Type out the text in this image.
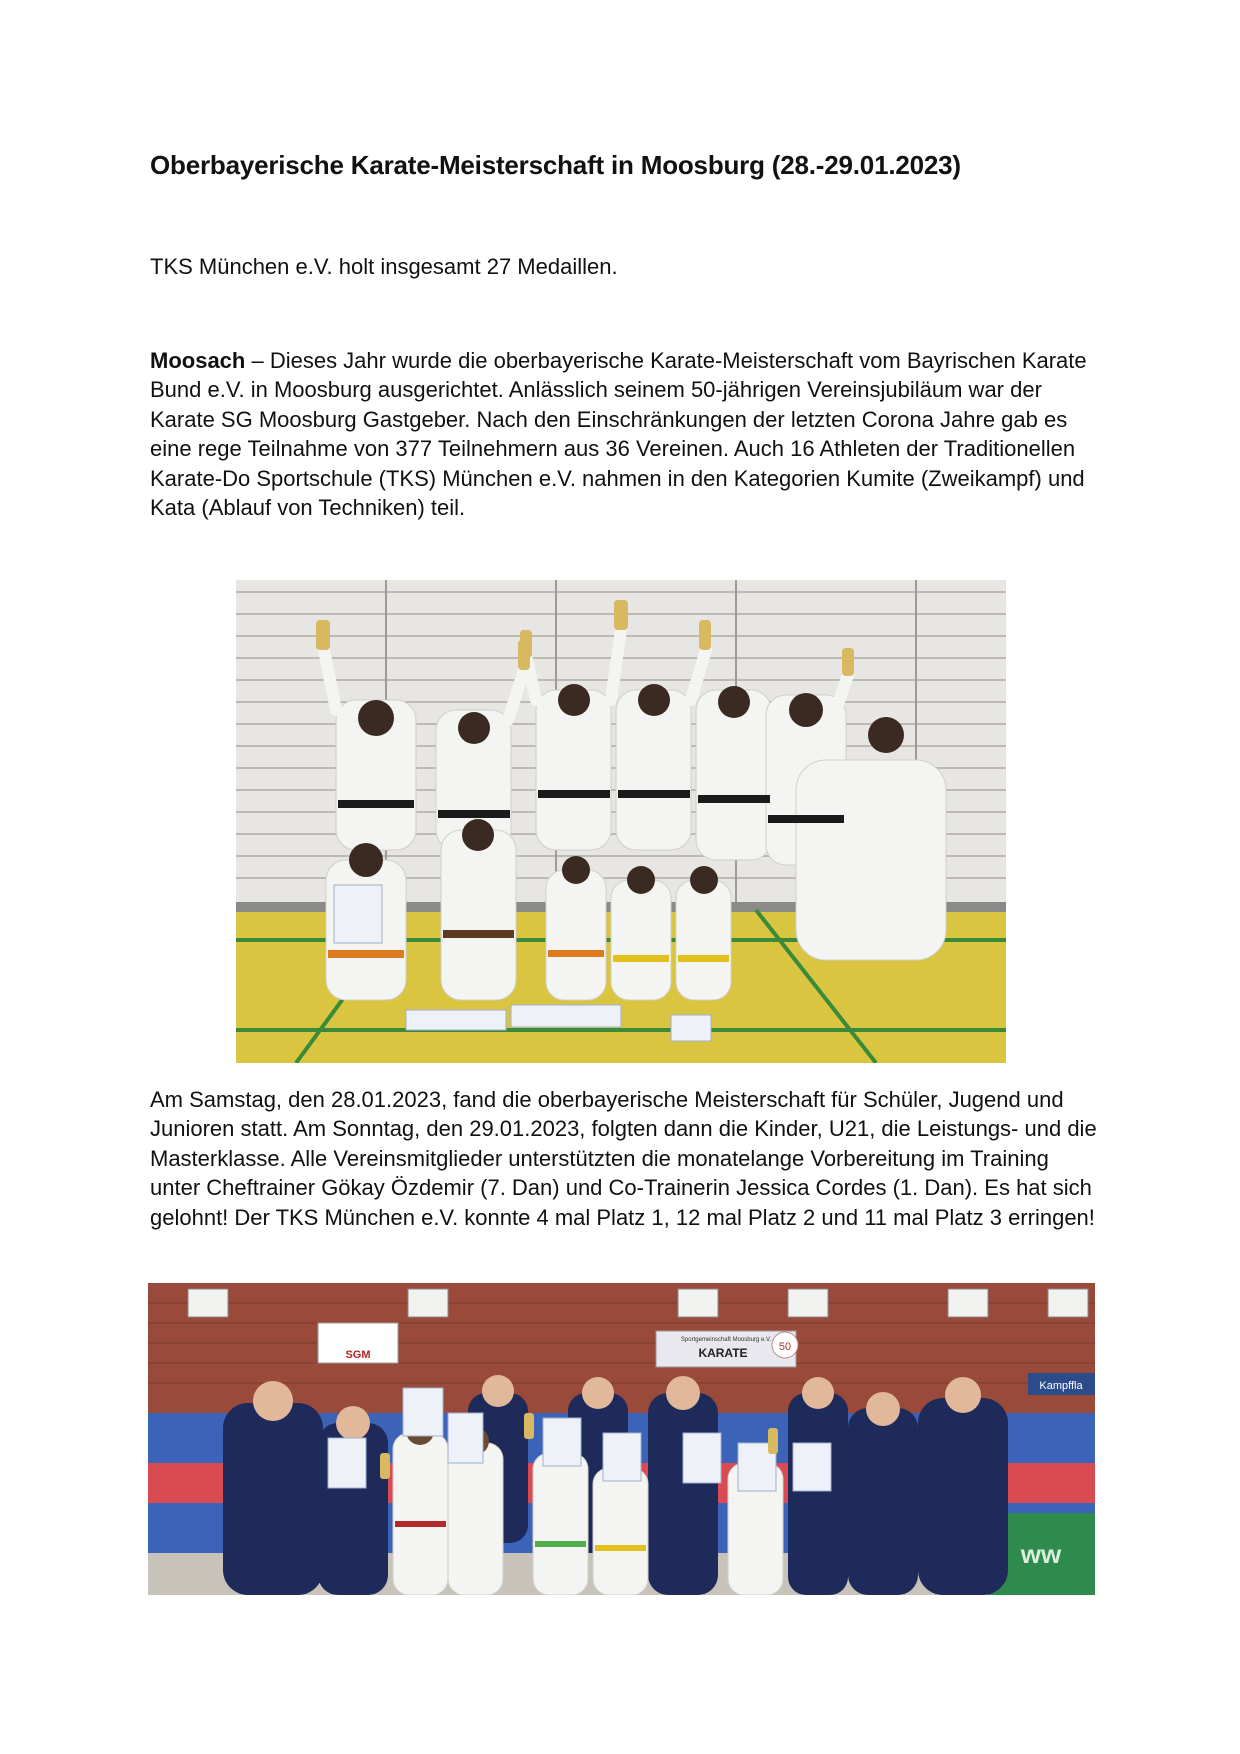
Oberbayerische Karate-Meisterschaft in Moosburg (28.-29.01.2023)

TKS München e.V. holt insgesamt 27 Medaillen.

Moosach – Dieses Jahr wurde die oberbayerische Karate-Meisterschaft vom Bayrischen Karate Bund e.V. in Moosburg ausgerichtet. Anlässlich seinem 50-jährigen Vereinsjubiläum war der Karate SG Moosburg Gastgeber. Nach den Einschränkungen der letzten Corona Jahre gab es eine rege Teilnahme von 377 Teilnehmern aus 36 Vereinen. Auch 16 Athleten der Traditionellen Karate-Do Sportschule (TKS) München e.V. nahmen in den Kategorien Kumite (Zweikampf) und Kata (Ablauf von Techniken) teil.

Am Samstag, den 28.01.2023, fand die oberbayerische Meisterschaft für Schüler, Jugend und Junioren statt. Am Sonntag, den 29.01.2023, folgten dann die Kinder, U21, die Leistungs- und die Masterklasse. Alle Vereinsmitglieder unterstützten die monatelange Vorbereitung im Training unter Cheftrainer Gökay Özdemir (7. Dan) und Co-Trainerin Jessica Cordes (1. Dan). Es hat sich gelohnt! Der TKS München e.V. konnte 4 mal Platz 1, 12 mal Platz 2 und 11 mal Platz 3 erringen!

SGM
Sportgemeinschaft Moosburg e.V.
KARATE	50
Kampffla
ww
